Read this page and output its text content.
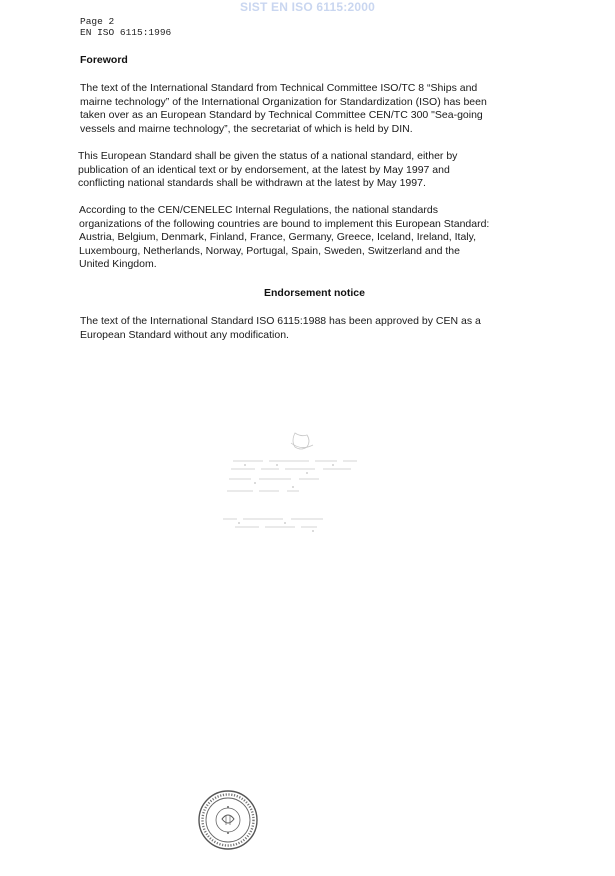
SIST EN ISO 6115:2000
Page 2
EN ISO 6115:1996
Foreword
The text of the International Standard from Technical Committee ISO/TC 8 “Ships and
mairne technology” of the International Organization for Standardization (ISO) has been
taken over as an European Standard by Technical Committee CEN/TC 300 "Sea-going
vessels and mairne technology”, the secretariat of which is held by DIN.
This European Standard shall be given the status of a national standard, either by
publication of an identical text or by endorsement, at the latest by May 1997 and
conflicting national standards shall be withdrawn at the latest by May 1997.
According to the CEN/CENELEC Internal Regulations, the national standards
organizations of the following countries are bound to implement this European Standard:
Austria, Belgium, Denmark, Finland, France, Germany, Greece, Iceland, Ireland, Italy,
Luxembourg, Netherlands, Norway, Portugal, Spain, Sweden, Switzerland and the
United Kingdom.
Endorsement notice
The text of the International Standard ISO 6115:1988 has been approved by CEN as a
European Standard without any modification.
